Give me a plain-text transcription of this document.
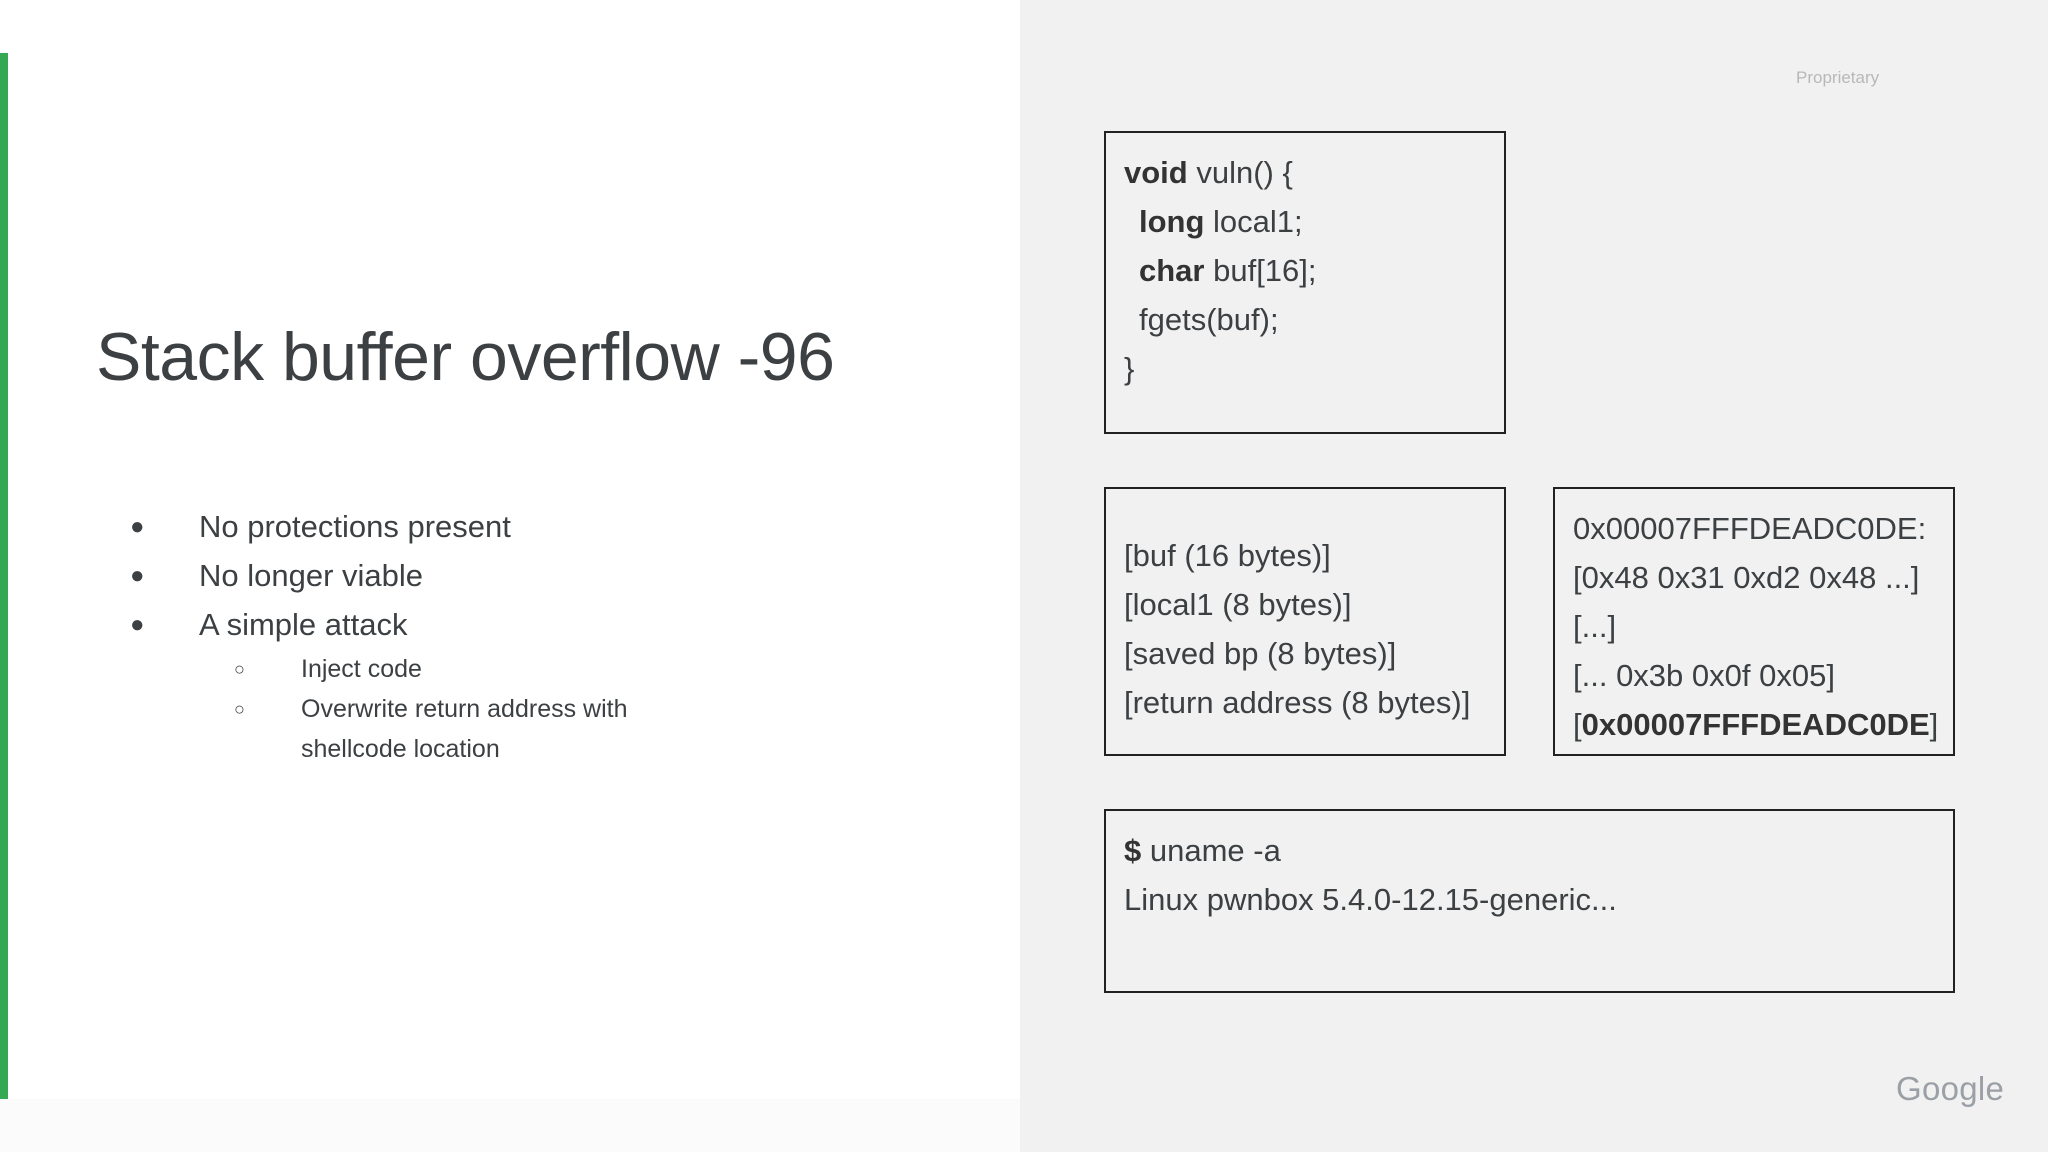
Stack buffer overflow -96
● No protections present
● No longer viable
● A simple attack
○ Inject code
○ Overwrite return address with
shellcode location
void vuln() {
long local1;
char buf[16];
fgets(buf);
}
[buf (16 bytes)]
[local1 (8 bytes)]
[saved bp (8 bytes)]
[return address (8 bytes)]
0x00007FFFDEADC0DE:
[0x48 0x31 0xd2 0x48 ...]
[...]
[... 0x3b 0x0f 0x05]
[0x00007FFFDEADC0DE]
$ uname -a
Linux pwnbox 5.4.0-12.15-generic...
Proprietary
Google
